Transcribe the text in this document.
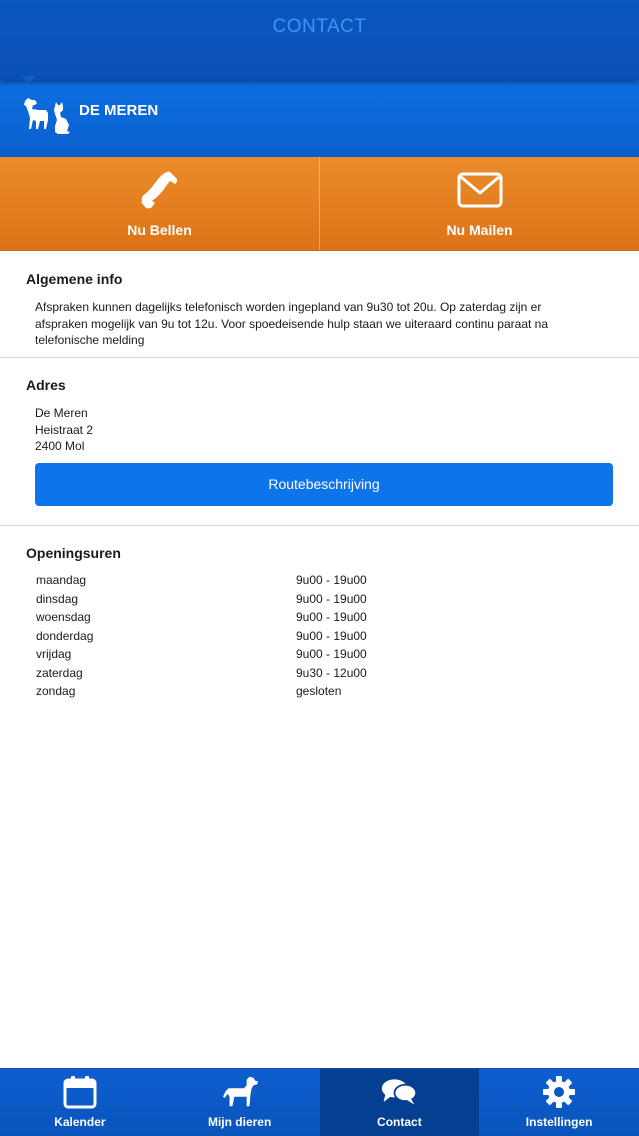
CONTACT
DE MEREN
Nu Bellen	Nu Mailen
Algemene info
Afspraken kunnen dagelijks telefonisch worden ingepland van 9u30 tot 20u. Op zaterdag zijn er afspraken mogelijk van 9u tot 12u. Voor spoedeisende hulp staan we uiteraard continu paraat na telefonische melding
Adres
De Meren
Heistraat 2
2400 Mol
Routebeschrijving
Openingsuren
maandag	9u00 - 19u00
dinsdag	9u00 - 19u00
woensdag	9u00 - 19u00
donderdag	9u00 - 19u00
vrijdag	9u00 - 19u00
zaterdag	9u30 - 12u00
zondag	gesloten
Kalender	Mijn dieren	Contact	Instellingen
